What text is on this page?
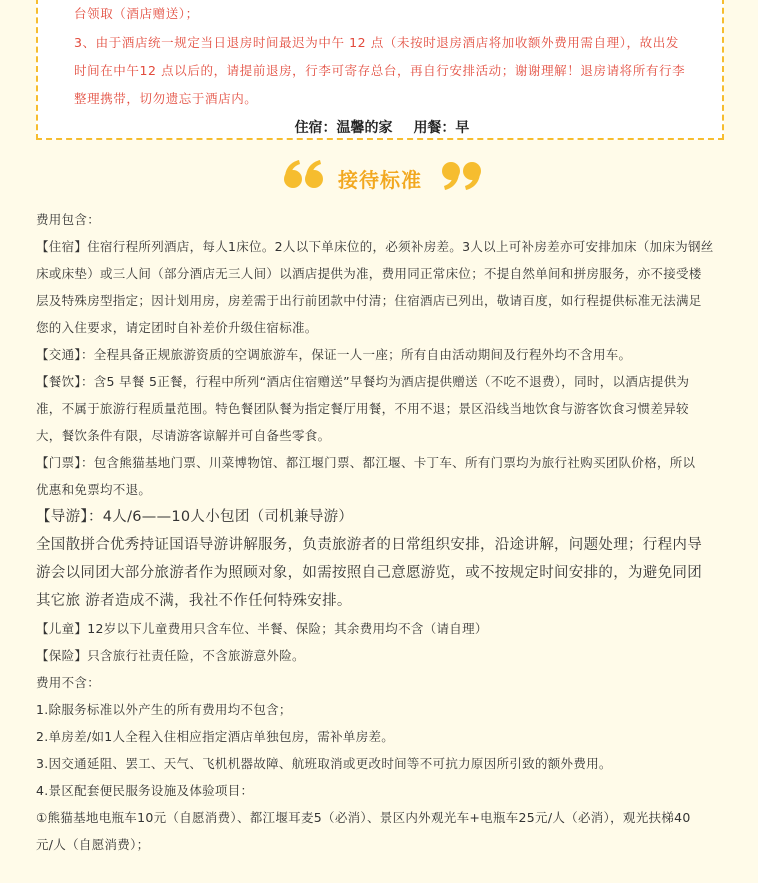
台领取（酒店赠送）；
3、由于酒店统一规定当日退房时间最迟为中午 12 点（未按时退房酒店将加收额外费用需自理），故出发
时间在中午12 点以后的，请提前退房，行李可寄存总台，再自行安排活动；谢谢理解！退房请将所有行李
整理携带，切勿遗忘于酒店内。
住宿：温馨的家 用餐：早
接待标准
费用包含：
【住宿】住宿行程所列酒店，每人1床位。2人以下单床位的，必须补房差。3人以上可补房差亦可安排加床（加床为钢丝
床或床垫）或三人间（部分酒店无三人间）以酒店提供为准，费用同正常床位；不提自然单间和拼房服务，亦不接受楼
层及特殊房型指定；因计划用房，房差需于出行前团款中付清；住宿酒店已列出，敬请百度，如行程提供标准无法满足
您的入住要求，请定团时自补差价升级住宿标准。
【交通】：全程具备正规旅游资质的空调旅游车，保证一人一座；所有自由活动期间及行程外均不含用车。
【餐饮】：含5 早餐 5正餐，行程中所列“酒店住宿赠送”早餐均为酒店提供赠送（不吃不退费），同时，以酒店提供为
准，不属于旅游行程质量范围。特色餐团队餐为指定餐厅用餐，不用不退；景区沿线当地饮食与游客饮食习惯差异较
大，餐饮条件有限，尽请游客谅解并可自备些零食。
【门票】：包含熊猫基地门票、川菜博物馆、都江堰门票、都江堰、卡丁车、所有门票均为旅行社购买团队价格，所以
优惠和免票均不退。
【导游】：4人/6——10人小包团（司机兼导游）
全国散拼合优秀持证国语导游讲解服务，负责旅游者的日常组织安排，沿途讲解，问题处理；行程内导
游会以同团大部分旅游者作为照顾对象，如需按照自己意愿游览，或不按规定时间安排的，为避免同团
其它旅 游者造成不满，我社不作任何特殊安排。
【儿童】12岁以下儿童费用只含车位、半餐、保险；其余费用均不含（请自理）
【保险】只含旅行社责任险，不含旅游意外险。
费用不含：
1.除服务标准以外产生的所有费用均不包含；
2.单房差/如1人全程入住相应指定酒店单独包房，需补单房差。
3.因交通延阻、罢工、天气、飞机机器故障、航班取消或更改时间等不可抗力原因所引致的额外费用。
4.景区配套便民服务设施及体验项目：
①熊猫基地电瓶车10元（自愿消费）、都江堰耳麦5（必消）、景区内外观光车+电瓶车25元/人（必消），观光扶梯40
元/人（自愿消费）；
